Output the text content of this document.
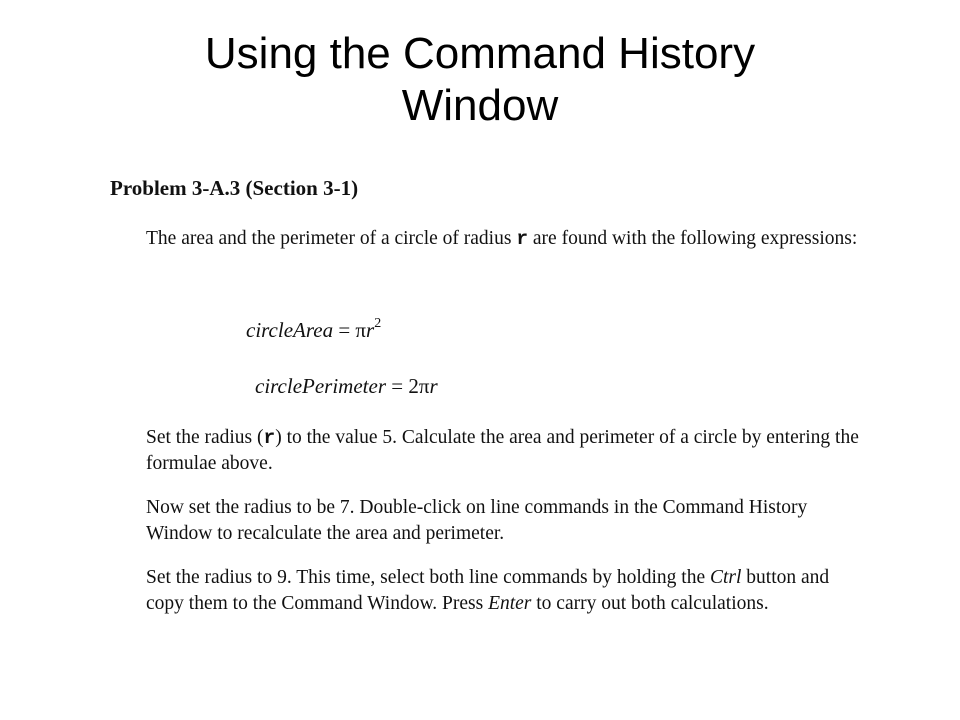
Using the Command History
Window
Problem 3-A.3 (Section 3-1)
The area and the perimeter of a circle of radius r are found with the following expressions:
circleArea = $\pi r^2$
circlePerimeter = 2πr
Set the radius (r) to the value 5. Calculate the area and perimeter of a circle by entering the formulae above.
Now set the radius to be 7. Double-click on line commands in the Command History Window to recalculate the area and perimeter.
Set the radius to 9. This time, select both line commands by holding the Ctrl button and copy them to the Command Window. Press Enter to carry out both calculations.
